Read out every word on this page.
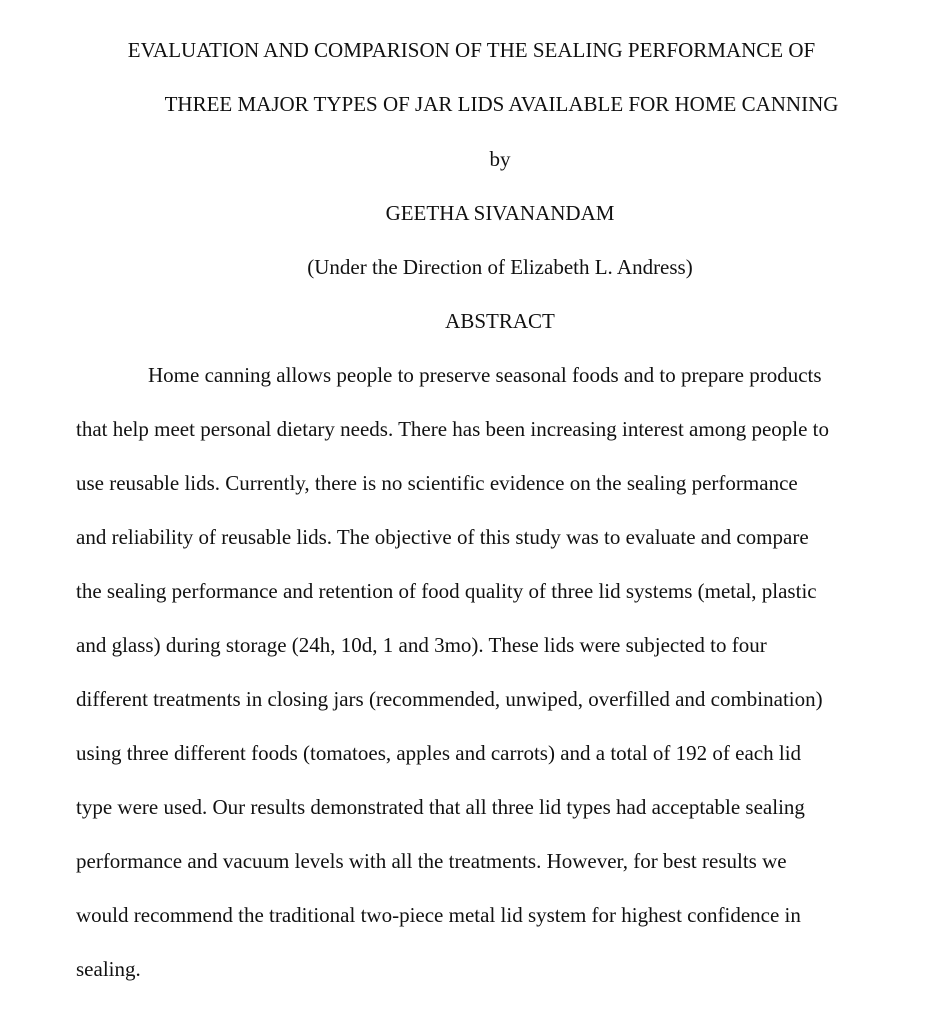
EVALUATION AND COMPARISON OF THE SEALING PERFORMANCE OF
THREE MAJOR TYPES OF JAR LIDS AVAILABLE FOR HOME CANNING
by
GEETHA SIVANANDAM
(Under the Direction of Elizabeth L. Andress)
ABSTRACT
Home canning allows people to preserve seasonal foods and to prepare products
that help meet personal dietary needs. There has been increasing interest among people to
use reusable lids. Currently, there is no scientific evidence on the sealing performance
and reliability of reusable lids. The objective of this study was to evaluate and compare
the sealing performance and retention of food quality of three lid systems (metal, plastic
and glass) during storage (24h, 10d, 1 and 3mo). These lids were subjected to four
different treatments in closing jars (recommended, unwiped, overfilled and combination)
using three different foods (tomatoes, apples and carrots) and a total of 192 of each lid
type were used. Our results demonstrated that all three lid types had acceptable sealing
performance and vacuum levels with all the treatments. However, for best results we
would recommend the traditional two-piece metal lid system for highest confidence in
sealing.
